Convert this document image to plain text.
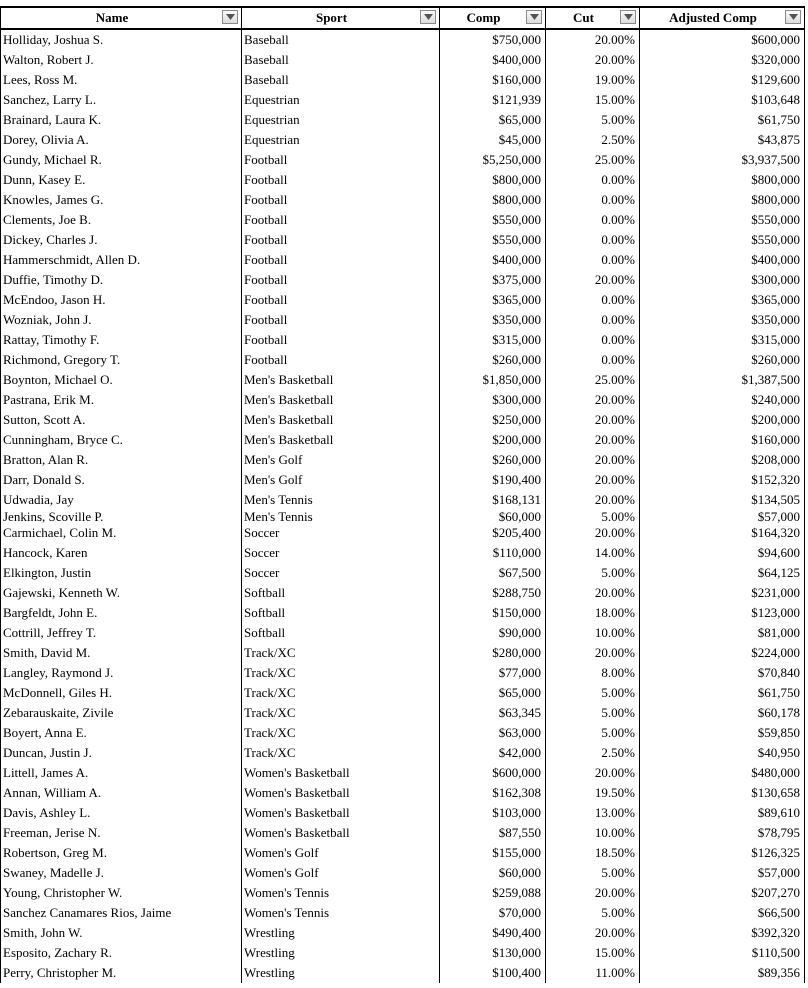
Name	Sport	Comp	Cut	Adjusted Comp

Holliday, Joshua S.	Baseball	$750,000	20.00%	$600,000
Walton, Robert J.	Baseball	$400,000	20.00%	$320,000
Lees, Ross M.	Baseball	$160,000	19.00%	$129,600
Sanchez, Larry L.	Equestrian	$121,939	15.00%	$103,648
Brainard, Laura K.	Equestrian	$65,000	5.00%	$61,750
Dorey, Olivia A.	Equestrian	$45,000	2.50%	$43,875
Gundy, Michael R.	Football	$5,250,000	25.00%	$3,937,500
Dunn, Kasey E.	Football	$800,000	0.00%	$800,000
Knowles, James G.	Football	$800,000	0.00%	$800,000
Clements, Joe B.	Football	$550,000	0.00%	$550,000
Dickey, Charles J.	Football	$550,000	0.00%	$550,000
Hammerschmidt, Allen D.	Football	$400,000	0.00%	$400,000
Duffie, Timothy D.	Football	$375,000	20.00%	$300,000
McEndoo, Jason H.	Football	$365,000	0.00%	$365,000
Wozniak, John J.	Football	$350,000	0.00%	$350,000
Rattay, Timothy F.	Football	$315,000	0.00%	$315,000
Richmond, Gregory T.	Football	$260,000	0.00%	$260,000
Boynton, Michael O.	Men's Basketball	$1,850,000	25.00%	$1,387,500
Pastrana, Erik M.	Men's Basketball	$300,000	20.00%	$240,000
Sutton, Scott A.	Men's Basketball	$250,000	20.00%	$200,000
Cunningham, Bryce C.	Men's Basketball	$200,000	20.00%	$160,000
Bratton, Alan R.	Men's Golf	$260,000	20.00%	$208,000
Darr, Donald S.	Men's Golf	$190,400	20.00%	$152,320
Udwadia, Jay	Men's Tennis	$168,131	20.00%	$134,505
Jenkins, Scoville P.	Men's Tennis	$60,000	5.00%	$57,000
Carmichael, Colin M.	Soccer	$205,400	20.00%	$164,320
Hancock, Karen	Soccer	$110,000	14.00%	$94,600
Elkington, Justin	Soccer	$67,500	5.00%	$64,125
Gajewski, Kenneth W.	Softball	$288,750	20.00%	$231,000
Bargfeldt, John E.	Softball	$150,000	18.00%	$123,000
Cottrill, Jeffrey T.	Softball	$90,000	10.00%	$81,000
Smith, David M.	Track/XC	$280,000	20.00%	$224,000
Langley, Raymond J.	Track/XC	$77,000	8.00%	$70,840
McDonnell, Giles H.	Track/XC	$65,000	5.00%	$61,750
Zebarauskaite, Zivile	Track/XC	$63,345	5.00%	$60,178
Boyert, Anna E.	Track/XC	$63,000	5.00%	$59,850
Duncan, Justin J.	Track/XC	$42,000	2.50%	$40,950
Littell, James A.	Women's Basketball	$600,000	20.00%	$480,000
Annan, William A.	Women's Basketball	$162,308	19.50%	$130,658
Davis, Ashley L.	Women's Basketball	$103,000	13.00%	$89,610
Freeman, Jerise N.	Women's Basketball	$87,550	10.00%	$78,795
Robertson, Greg M.	Women's Golf	$155,000	18.50%	$126,325
Swaney, Madelle J.	Women's Golf	$60,000	5.00%	$57,000
Young, Christopher W.	Women's Tennis	$259,088	20.00%	$207,270
Sanchez Canamares Rios, Jaime	Women's Tennis	$70,000	5.00%	$66,500
Smith, John W.	Wrestling	$490,400	20.00%	$392,320
Esposito, Zachary R.	Wrestling	$130,000	15.00%	$110,500
Perry, Christopher M.	Wrestling	$100,400	11.00%	$89,356
